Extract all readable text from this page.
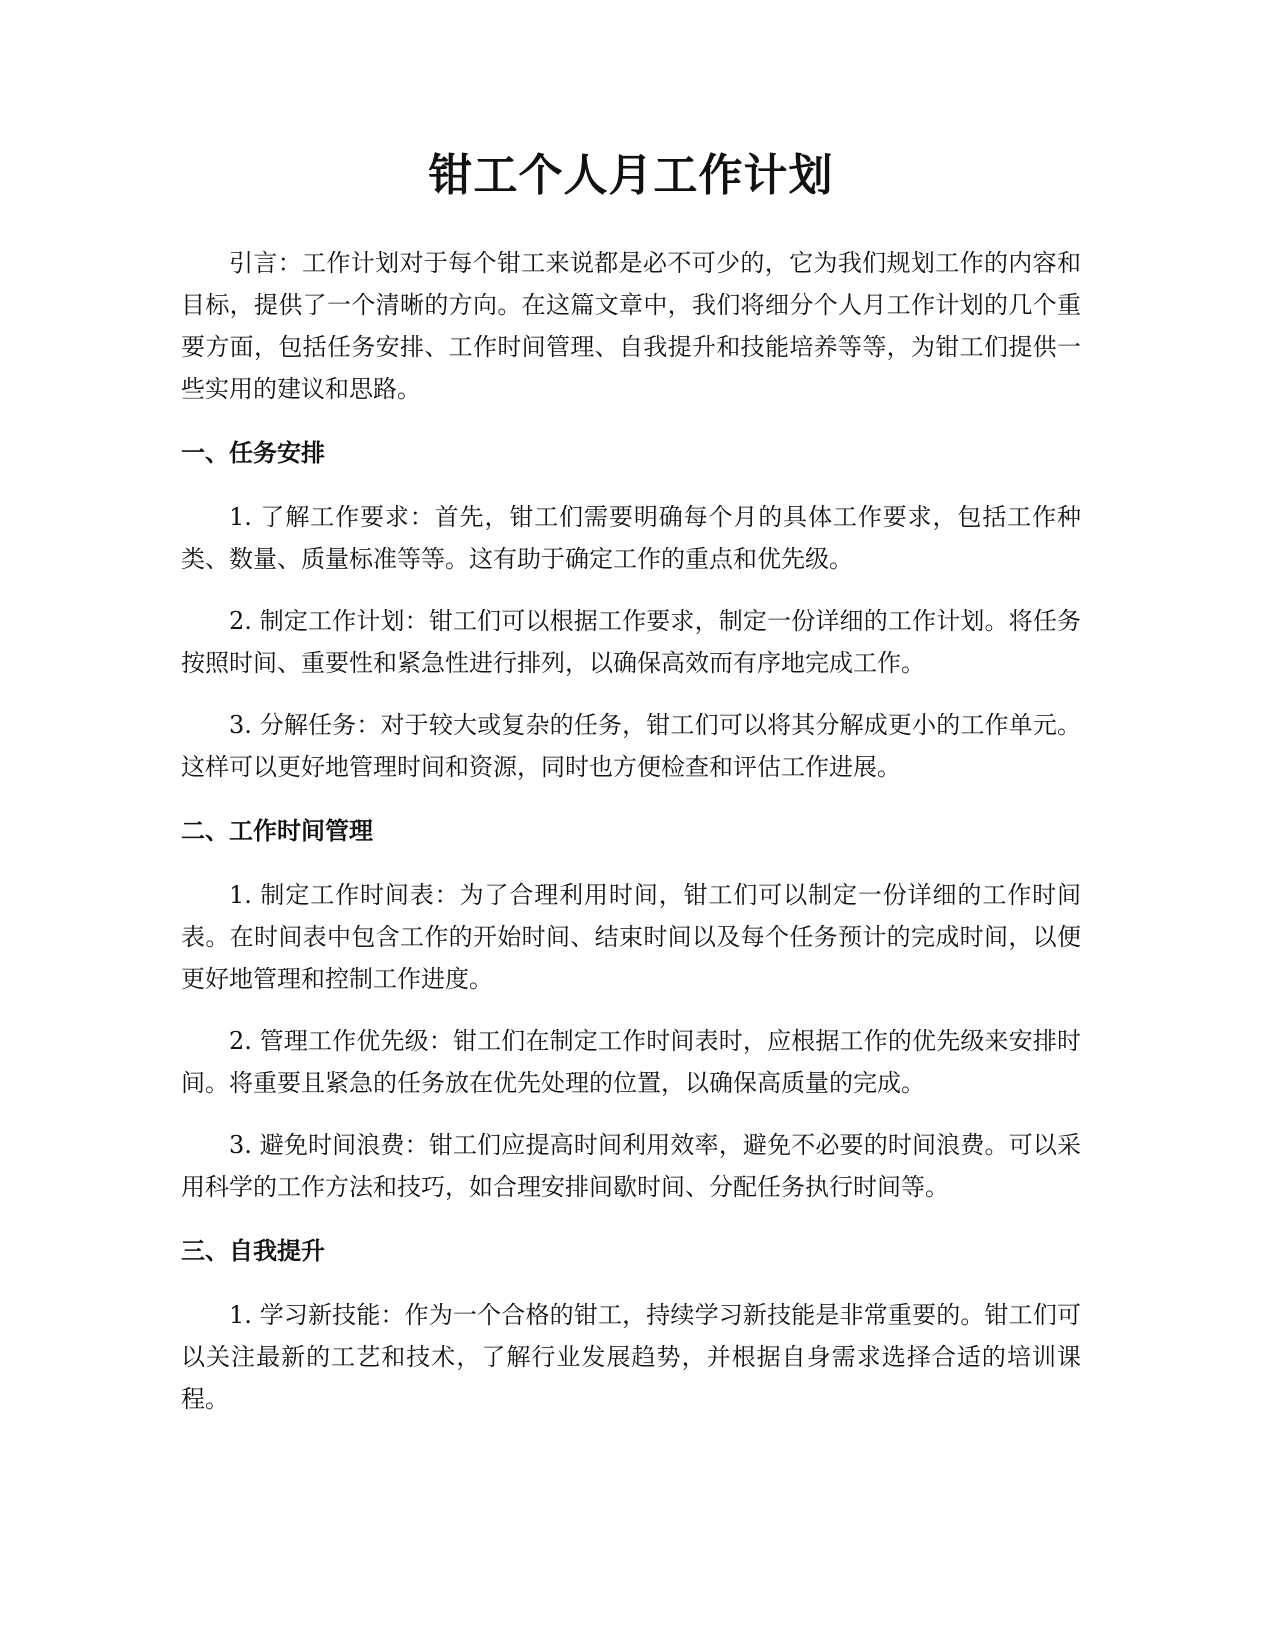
钳工个人月工作计划

引言：工作计划对于每个钳工来说都是必不可少的，它为我们规划工作的内容和目标，提供了一个清晰的方向。在这篇文章中，我们将细分个人月工作计划的几个重要方面，包括任务安排、工作时间管理、自我提升和技能培养等等，为钳工们提供一些实用的建议和思路。

一、任务安排

1. 了解工作要求：首先，钳工们需要明确每个月的具体工作要求，包括工作种类、数量、质量标准等等。这有助于确定工作的重点和优先级。

2. 制定工作计划：钳工们可以根据工作要求，制定一份详细的工作计划。将任务按照时间、重要性和紧急性进行排列，以确保高效而有序地完成工作。

3. 分解任务：对于较大或复杂的任务，钳工们可以将其分解成更小的工作单元。这样可以更好地管理时间和资源，同时也方便检查和评估工作进展。

二、工作时间管理

1. 制定工作时间表：为了合理利用时间，钳工们可以制定一份详细的工作时间表。在时间表中包含工作的开始时间、结束时间以及每个任务预计的完成时间，以便更好地管理和控制工作进度。

2. 管理工作优先级：钳工们在制定工作时间表时，应根据工作的优先级来安排时间。将重要且紧急的任务放在优先处理的位置，以确保高质量的完成。

3. 避免时间浪费：钳工们应提高时间利用效率，避免不必要的时间浪费。可以采用科学的工作方法和技巧，如合理安排间歇时间、分配任务执行时间等。

三、自我提升

1. 学习新技能：作为一个合格的钳工，持续学习新技能是非常重要的。钳工们可以关注最新的工艺和技术，了解行业发展趋势，并根据自身需求选择合适的培训课程。
